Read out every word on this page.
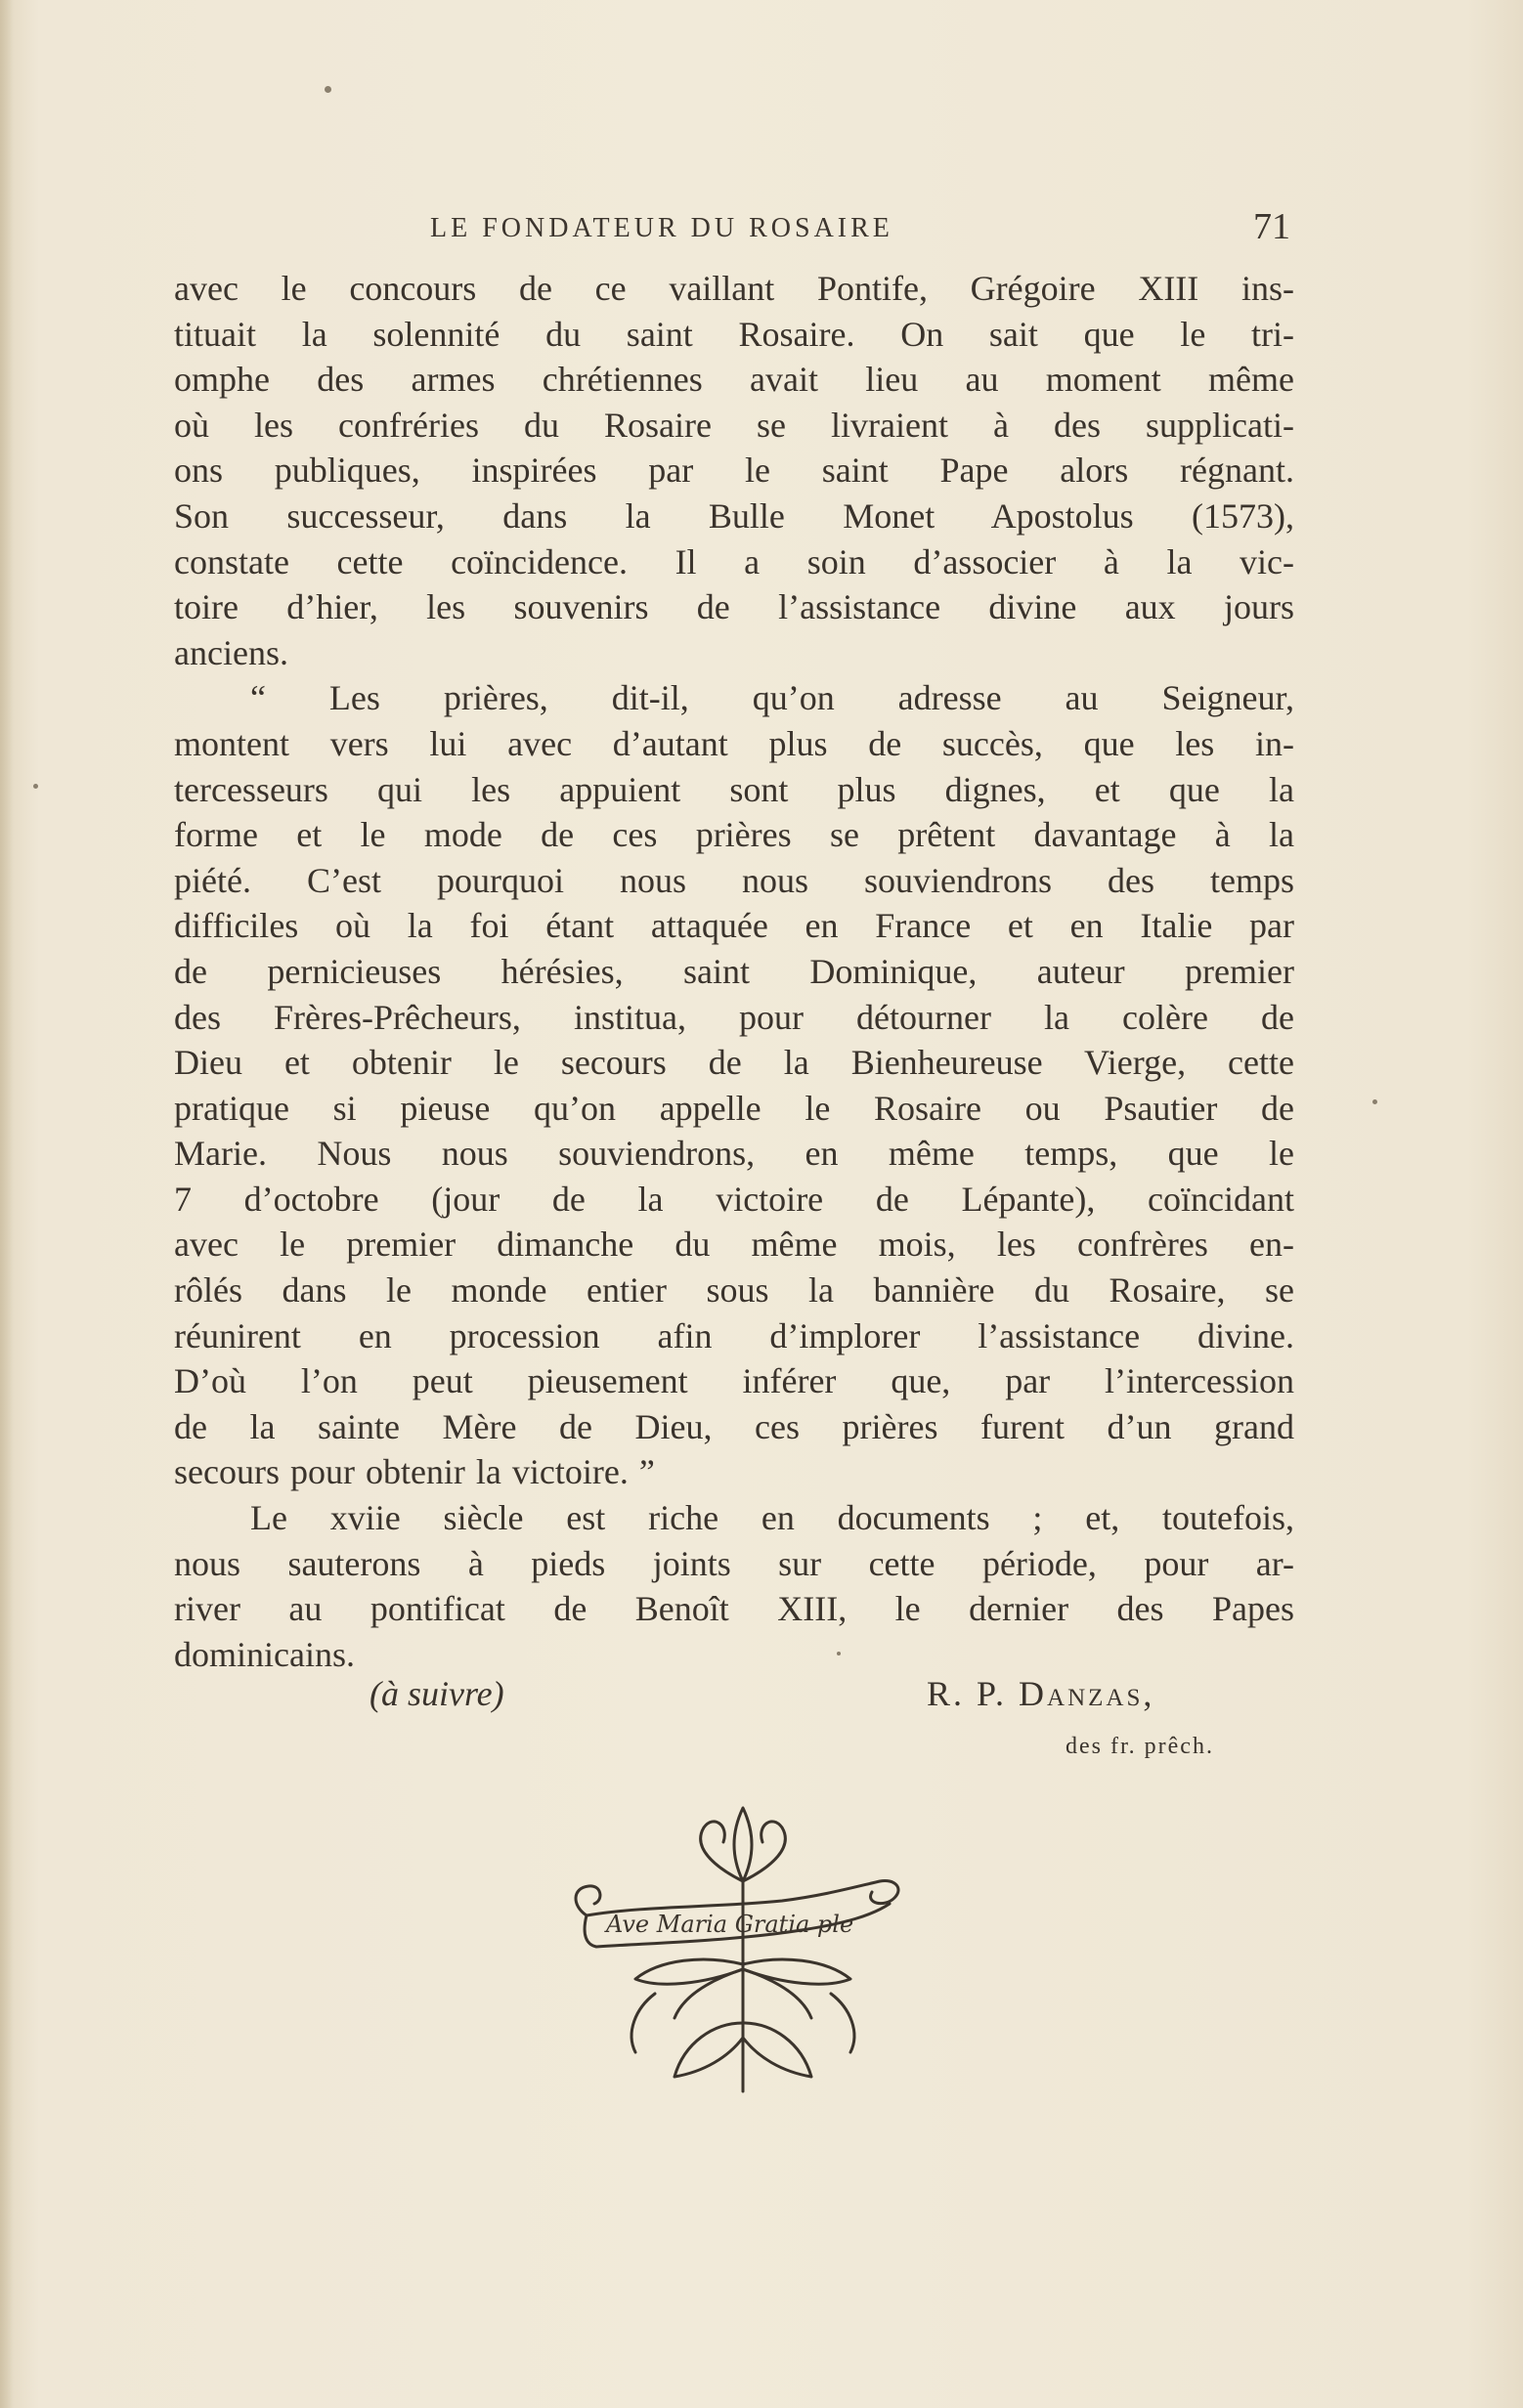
LE FONDATEUR DU ROSAIRE	71
avec le concours de ce vaillant Pontife, Grégoire XIII ins-
tituait la solennité du saint Rosaire. On sait que le tri-
omphe des armes chrétiennes avait lieu au moment même
où les confréries du Rosaire se livraient à des supplicati-
ons publiques, inspirées par le saint Pape alors régnant.
Son successeur, dans la Bulle Monet Apostolus (1573),
constate cette coïncidence. Il a soin d’associer à la vic-
toire d’hier, les souvenirs de l’assistance divine aux jours
anciens.
“ Les prières, dit-il, qu’on adresse au Seigneur,
montent vers lui avec d’autant plus de succès, que les in-
tercesseurs qui les appuient sont plus dignes, et que la
forme et le mode de ces prières se prêtent davantage à la
piété. C’est pourquoi nous nous souviendrons des temps
difficiles où la foi étant attaquée en France et en Italie par
de pernicieuses hérésies, saint Dominique, auteur premier
des Frères-Prêcheurs, institua, pour détourner la colère de
Dieu et obtenir le secours de la Bienheureuse Vierge, cette
pratique si pieuse qu’on appelle le Rosaire ou Psautier de
Marie. Nous nous souviendrons, en même temps, que le
7 d’octobre (jour de la victoire de Lépante), coïncidant
avec le premier dimanche du même mois, les confrères en-
rôlés dans le monde entier sous la bannière du Rosaire, se
réunirent en procession afin d’implorer l’assistance divine.
D’où l’on peut pieusement inférer que, par l’intercession
de la sainte Mère de Dieu, ces prières furent d’un grand
secours pour obtenir la victoire. ”
Le xviie siècle est riche en documents ; et, toutefois,
nous sauterons à pieds joints sur cette période, pour ar-
river au pontificat de Benoît XIII, le dernier des Papes
dominicains.
(à suivre)	R. P. Danzas,
des fr. prêch.
Ave Maria Gratia ple
